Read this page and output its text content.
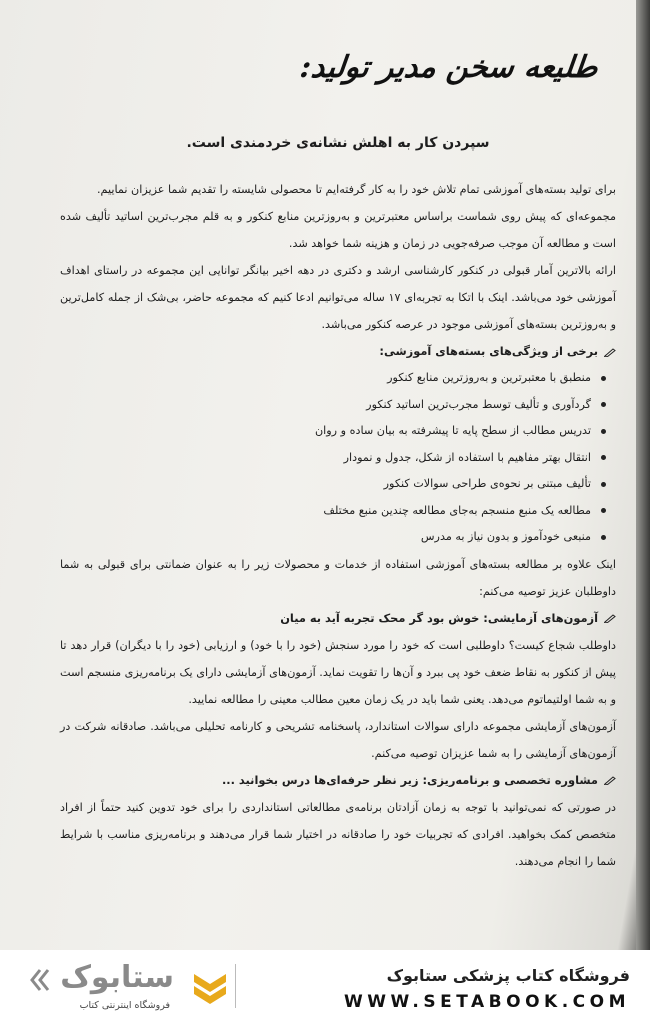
طلیعه سخن مدیر تولید:

سپردن کار به اهلش نشانه‌ی خردمندی است.

برای تولید بسته‌های آموزشی تمام تلاش خود را به کار گرفته‌ایم تا محصولی شایسته را تقدیم شما عزیزان نماییم.

مجموعه‌ای که پیش روی شماست براساس معتبرترین و به‌روزترین منابع کنکور و به قلم مجرب‌ترین اساتید تألیف شده است و مطالعه آن موجب صرفه‌جویی در زمان و هزینه شما خواهد شد.

ارائه بالاترین آمار قبولی در کنکور کارشناسی ارشد و دکتری در دهه اخیر بیانگر توانایی این مجموعه در راستای اهداف آموزشی خود می‌باشد. اینک با اتکا به تجربه‌ای ۱۷ ساله می‌توانیم ادعا کنیم که مجموعه حاضر، بی‌شک از جمله کامل‌ترین و به‌روزترین بسته‌های آموزشی موجود در عرصه کنکور می‌باشد.

برخی از ویژگی‌های بسته‌های آموزشی:
منطبق با معتبرترین و به‌روزترین منابع کنکور
گردآوری و تألیف توسط مجرب‌ترین اساتید کنکور
تدریس مطالب از سطح پایه تا پیشرفته به بیان ساده و روان
انتقال بهتر مفاهیم با استفاده از شکل، جدول و نمودار
تألیف مبتنی بر نحوه‌ی طراحی سوالات کنکور
مطالعه یک منبع منسجم به‌جای مطالعه چندین منبع مختلف
منبعی خودآموز و بدون نیاز به مدرس

اینک علاوه بر مطالعه بسته‌های آموزشی استفاده از خدمات و محصولات زیر را به عنوان ضمانتی برای قبولی به شما داوطلبان عزیز توصیه می‌کنم:

آزمون‌های آزمایشی: خوش بود گر محک تجربه آید به میان

داوطلب شجاع کیست؟ داوطلبی است که خود را مورد سنجش (خود را با خود) و ارزیابی (خود را با دیگران) قرار دهد تا پیش از کنکور به نقاط ضعف خود پی ببرد و آن‌ها را تقویت نماید. آزمون‌های آزمایشی دارای یک برنامه‌ریزی منسجم است و به شما اولتیماتوم می‌دهد. یعنی شما باید در یک زمان معین مطالب معینی را مطالعه نمایید.

آزمون‌های آزمایشی مجموعه دارای سوالات استاندارد، پاسخنامه تشریحی و کارنامه تحلیلی می‌باشد. صادقانه شرکت در آزمون‌های آزمایشی را به شما عزیزان توصیه می‌کنم.

مشاوره تخصصی و برنامه‌ریزی: زیر نظر حرفه‌ای‌ها درس بخوانید ...

در صورتی که نمی‌توانید با توجه به زمان آزادتان برنامه‌ی مطالعاتی استانداردی را برای خود تدوین کنید حتماً از افراد متخصص کمک بخواهید. افرادی که تجربیات خود را صادقانه در اختیار شما قرار می‌دهند و برنامه‌ریزی مناسب با شرایط شما را انجام می‌دهند.

فروشگاه کتاب پزشکی ستابوک
WWW.SETABOOK.COM
ستابوک
فروشگاه اینترنتی کتاب
